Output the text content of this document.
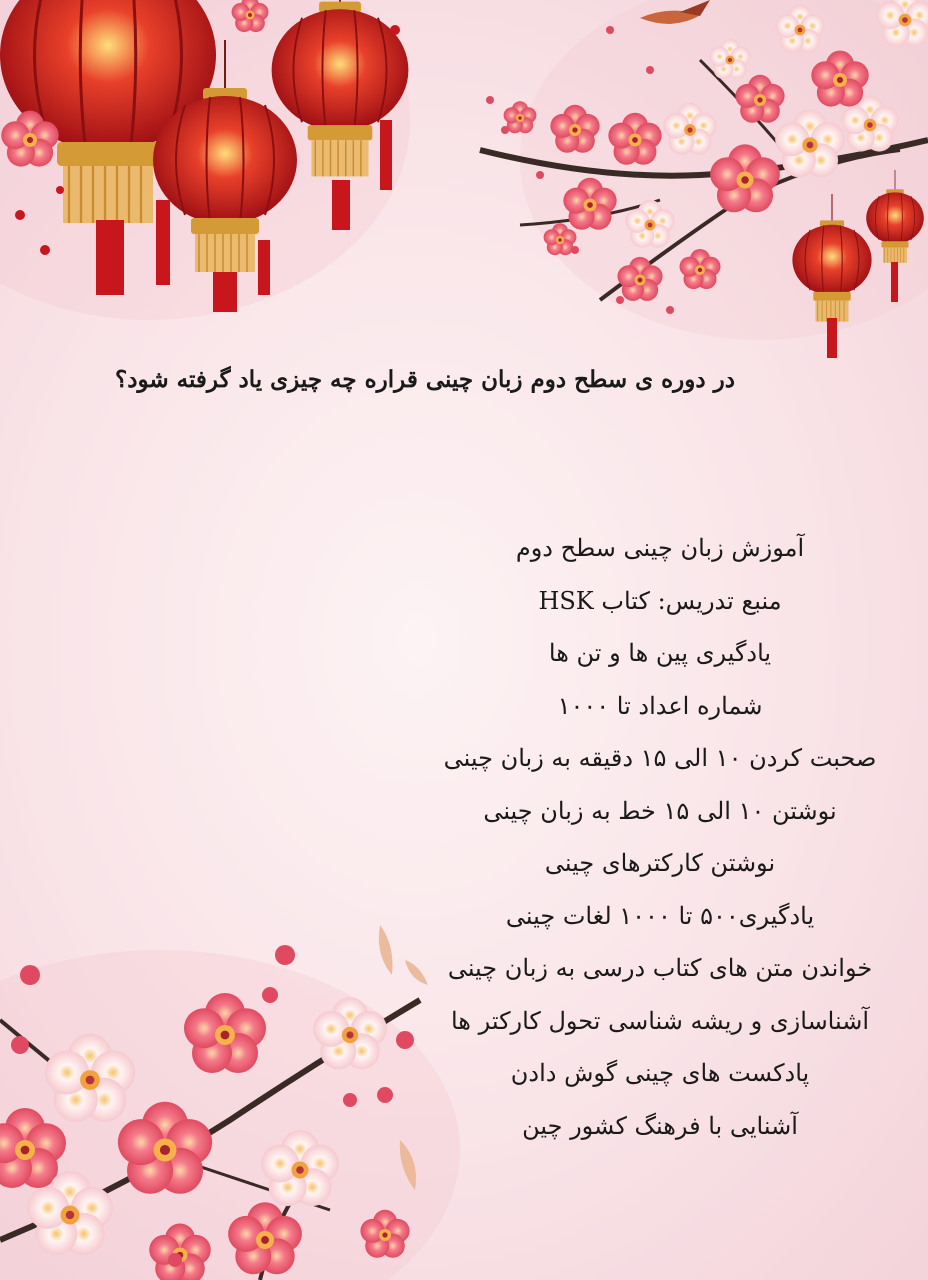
در دوره ی سطح دوم زبان چینی قراره چه چیزی یاد گرفته شود؟
آموزش زبان چینی سطح دوم
منبع تدریس: کتاب HSK
یادگیری پین ها و تن ها
شماره اعداد تا ۱۰۰۰
صحبت کردن ۱۰ الی ۱۵ دقیقه به زبان چینی
نوشتن ۱۰ الی ۱۵ خط به زبان چینی
نوشتن کارکترهای چینی
یادگیری۵۰۰ تا ۱۰۰۰ لغات چینی
خواندن متن های کتاب درسی به زبان چینی
آشناسازی و ریشه شناسی تحول کارکتر ها
پادکست های چینی گوش دادن
آشنایی با فرهنگ کشور چین
